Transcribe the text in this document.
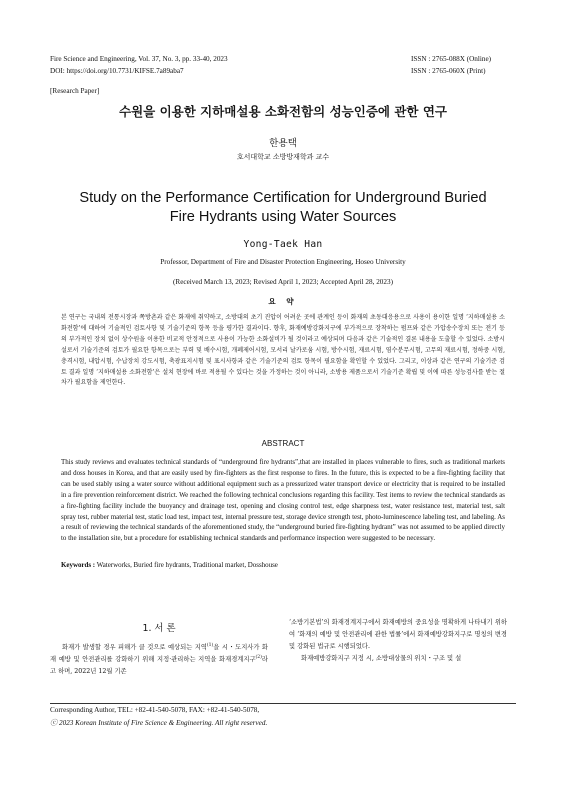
Fire Science and Engineering, Vol. 37, No. 3, pp. 33-40, 2023
DOI: https://doi.org/10.7731/KIFSE.7a89aba7
ISSN : 2765-088X (Online)
ISSN : 2765-060X (Print)
[Research Paper]
수원을 이용한 지하매설용 소화전함의 성능인증에 관한 연구
한용택
호서대학교 소방방재학과 교수
Study on the Performance Certification for Underground Buried
Fire Hydrants using Water Sources
Yong-Taek Han
Professor, Department of Fire and Disaster Protection Engineering, Hoseo University
(Received March 13, 2023; Revised April 1, 2023; Accepted April 28, 2023)
요 약
본 연구는 국내의 전통시장과 쪽방촌과 같은 화재에 취약하고, 소방대의 초기 진압이 어려운 곳에 관계인 등이 화재의 초동대응용으로 사용이 용이한 일명 ‘지하매설용 소화전함’에 대하여 기술적인 검토사항 및 기술기준의 항목 등을 평가한 결과이다. 향후, 화재예방강화지구에 부가적으로 장착하는 펌프와 같은 가압송수장치 또는 전기 등의 부가적인 장치 없이 상수원을 이용한 비교적 안정적으로 사용이 가능한 소화설비가 될 것이라고 예상되며 다음과 같은 기술적인 결론 내용을 도출할 수 있었다. 소방시설로서 기술기준의 검토가 필요한 항목으로는 부력 및 배수시험, 개폐제어시험, 모서리 날카로움 시험, 방수시험, 재료시험, 염수분무시험, 고무의 재료시험, 정하중 시험, 충격시험, 내압시험, 수납장치 강도시험, 축광표지시험 및 표시사항과 같은 기술기준의 검토 항목이 필요함을 확인할 수 있었다. 그리고, 이상과 같은 연구의 기술기준 검토 결과 일명 ‘지하매설용 소화전함’은 설치 현장에 바로 적용될 수 있다는 것을 가정하는 것이 아니라, 소방용 제품으로서 기술기준 확립 및 이에 따른 성능검사를 받는 절차가 필요함을 제언한다.
ABSTRACT
This study reviews and evaluates technical standards of “underground fire hydrants”,that are installed in places vulnerable to fires, such as traditional markets and doss houses in Korea, and that are easily used by fire-fighters as the first response to fires. In the future, this is expected to be a fire-fighting facility that can be used stably using a water source without additional equipment such as a pressurized water transport device or electricity that is required to be installed in a fire prevention reinforcement district. We reached the following technical conclusions regarding this facility. Test items to review the technical standards as a fire-fighting facility include the buoyancy and drainage test, opening and closing control test, edge sharpness test, water resistance test, material test, salt spray test, rubber material test, static load test, impact test, internal pressure test, storage device strength test, photo-luminescence labeling test, and labeling. As a result of reviewing the technical standards of the aforementioned study, the “underground buried fire-fighting hydrant” was not assumed to be applied directly to the installation site, but a procedure for establishing technical standards and performance inspection were suggested to be necessary.
Keywords : Waterworks, Buried fire hydrants, Traditional market, Dosshouse
1. 서 론

화재가 발생할 경우 피해가 클 것으로 예상되는 지역$^{(1)}$을 시・도지사가 화재 예방 및 안전관리를 강화하기 위해 지정·관리하는 지역을 화재경계지구$^{(2)}$라고 하며, 2022년 12월 기존

‘소방기본법’의 화재경계지구에서 화재예방의 중요성을 명확하게 나타내기 위하여 ‘화재의 예방 및 안전관리에 관한 법률’에서 화재예방강화지구로 명칭의 변경 및 강화된 법규로 시행되었다.

화재예방강화지구 지정 시, 소방대상물의 위치・구조 및 설

Corresponding Author, TEL: +82-41-540-5078, FAX: +82-41-540-5078,
ⓒ 2023 Korean Institute of Fire Science & Engineering. All right reserved.
